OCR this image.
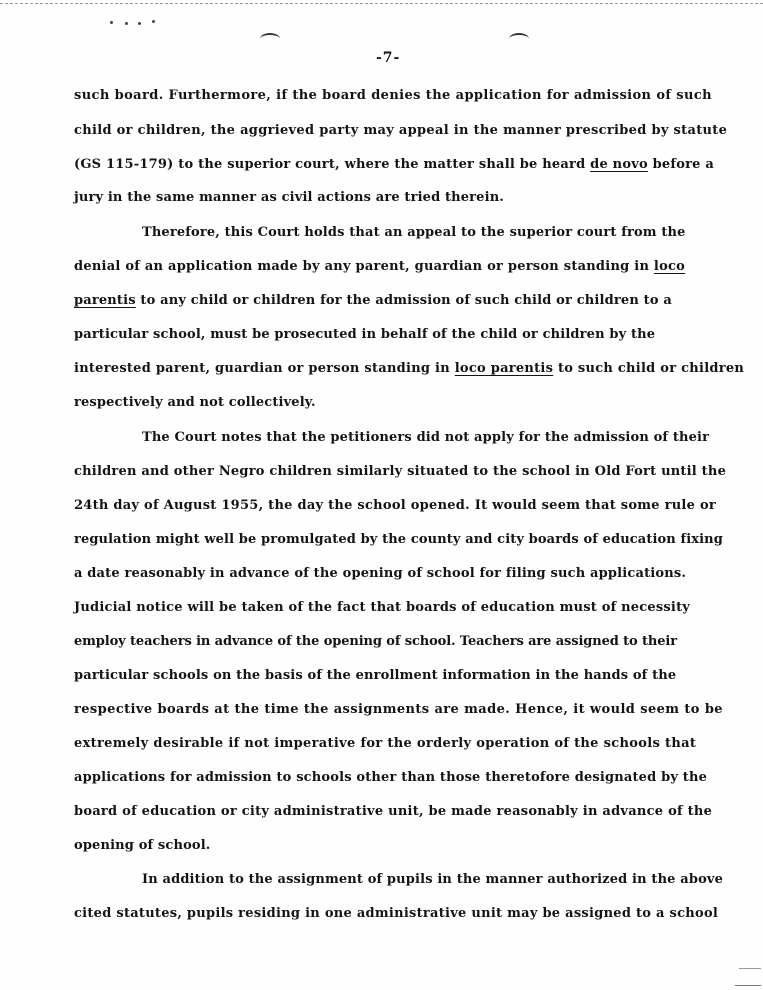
-7-
such board. Furthermore, if the board denies the application for admission of such
child or children, the aggrieved party may appeal in the manner prescribed by statute
(GS 115-179) to the superior court, where the matter shall be heard de novo before a
jury in the same manner as civil actions are tried therein.
Therefore, this Court holds that an appeal to the superior court from the
denial of an application made by any parent, guardian or person standing in loco
parentis to any child or children for the admission of such child or children to a
particular school, must be prosecuted in behalf of the child or children by the
interested parent, guardian or person standing in loco parentis to such child or children
respectively and not collectively.
The Court notes that the petitioners did not apply for the admission of their
children and other Negro children similarly situated to the school in Old Fort until the
24th day of August 1955, the day the school opened. It would seem that some rule or
regulation might well be promulgated by the county and city boards of education fixing
a date reasonably in advance of the opening of school for filing such applications.
Judicial notice will be taken of the fact that boards of education must of necessity
employ teachers in advance of the opening of school. Teachers are assigned to their
particular schools on the basis of the enrollment information in the hands of the
respective boards at the time the assignments are made. Hence, it would seem to be
extremely desirable if not imperative for the orderly operation of the schools that
applications for admission to schools other than those theretofore designated by the
board of education or city administrative unit, be made reasonably in advance of the
opening of school.
In addition to the assignment of pupils in the manner authorized in the above
cited statutes, pupils residing in one administrative unit may be assigned to a school
